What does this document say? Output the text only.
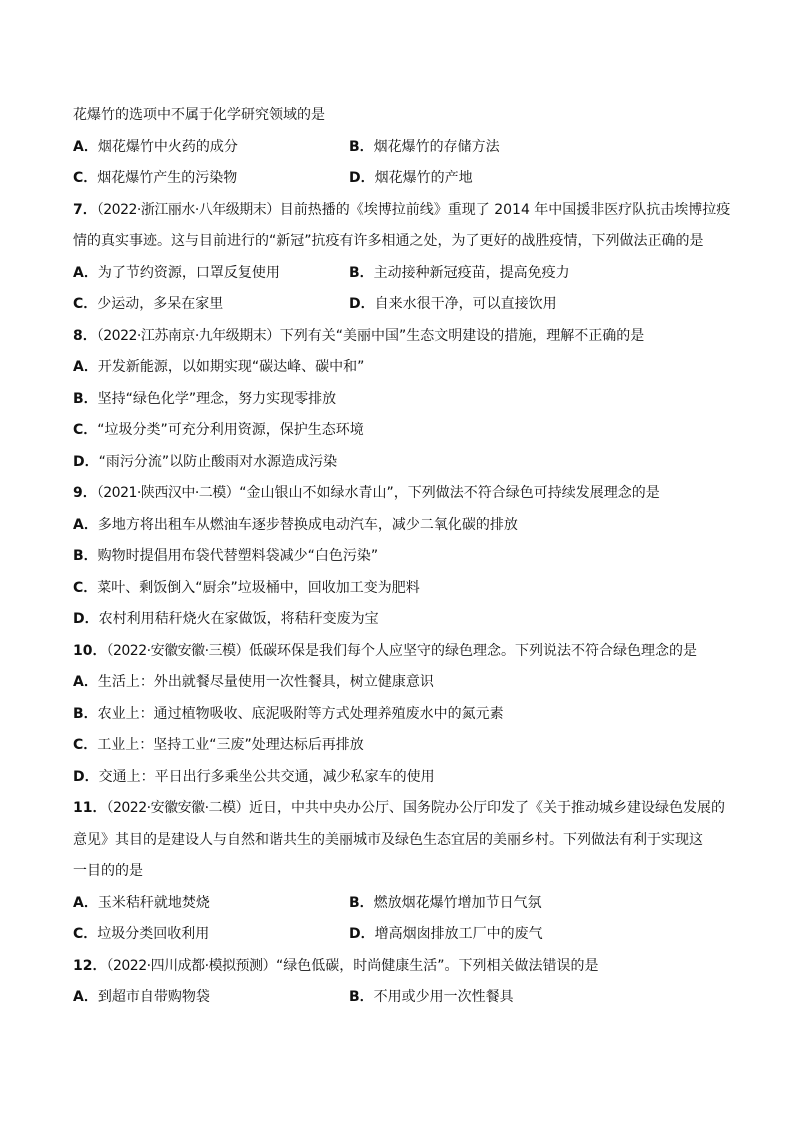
花爆竹的选项中不属于化学研究领域的是
A．烟花爆竹中火药的成分	B．烟花爆竹的存储方法
C．烟花爆竹产生的污染物	D．烟花爆竹的产地
7．（2022·浙江丽水·八年级期末）目前热播的《埃博拉前线》重现了 2014 年中国援非医疗队抗击埃博拉疫
情的真实事迹。这与目前进行的“新冠”抗疫有许多相通之处，为了更好的战胜疫情，下列做法正确的是
A．为了节约资源，口罩反复使用	B．主动接种新冠疫苗，提高免疫力
C．少运动，多呆在家里	D．自来水很干净，可以直接饮用
8．（2022·江苏南京·九年级期末）下列有关“美丽中国”生态文明建设的措施，理解不正确的是
A．开发新能源，以如期实现“碳达峰、碳中和”
B．坚持“绿色化学”理念，努力实现零排放
C．“垃圾分类”可充分利用资源，保护生态环境
D．“雨污分流”以防止酸雨对水源造成污染
9．（2021·陕西汉中·二模）“金山银山不如绿水青山”，下列做法不符合绿色可持续发展理念的是
A．多地方将出租车从燃油车逐步替换成电动汽车，减少二氧化碳的排放
B．购物时提倡用布袋代替塑料袋减少“白色污染”
C．菜叶、剩饭倒入“厨余”垃圾桶中，回收加工变为肥料
D．农村利用秸秆烧火在家做饭，将秸秆变废为宝
10．（2022·安徽安徽·三模）低碳环保是我们每个人应坚守的绿色理念。下列说法不符合绿色理念的是
A．生活上：外出就餐尽量使用一次性餐具，树立健康意识
B．农业上：通过植物吸收、底泥吸附等方式处理养殖废水中的氮元素
C．工业上：坚持工业“三废”处理达标后再排放
D．交通上：平日出行多乘坐公共交通，减少私家车的使用
11．（2022·安徽安徽·二模）近日，中共中央办公厅、国务院办公厅印发了《关于推动城乡建设绿色发展的
意见》其目的是建设人与自然和谐共生的美丽城市及绿色生态宜居的美丽乡村。下列做法有利于实现这
一目的的是
A．玉米秸秆就地焚烧	B．燃放烟花爆竹增加节日气氛
C．垃圾分类回收利用	D．增高烟囱排放工厂中的废气
12．（2022·四川成都·模拟预测）“绿色低碳，时尚健康生活”。下列相关做法错误的是
A．到超市自带购物袋	B．不用或少用一次性餐具
